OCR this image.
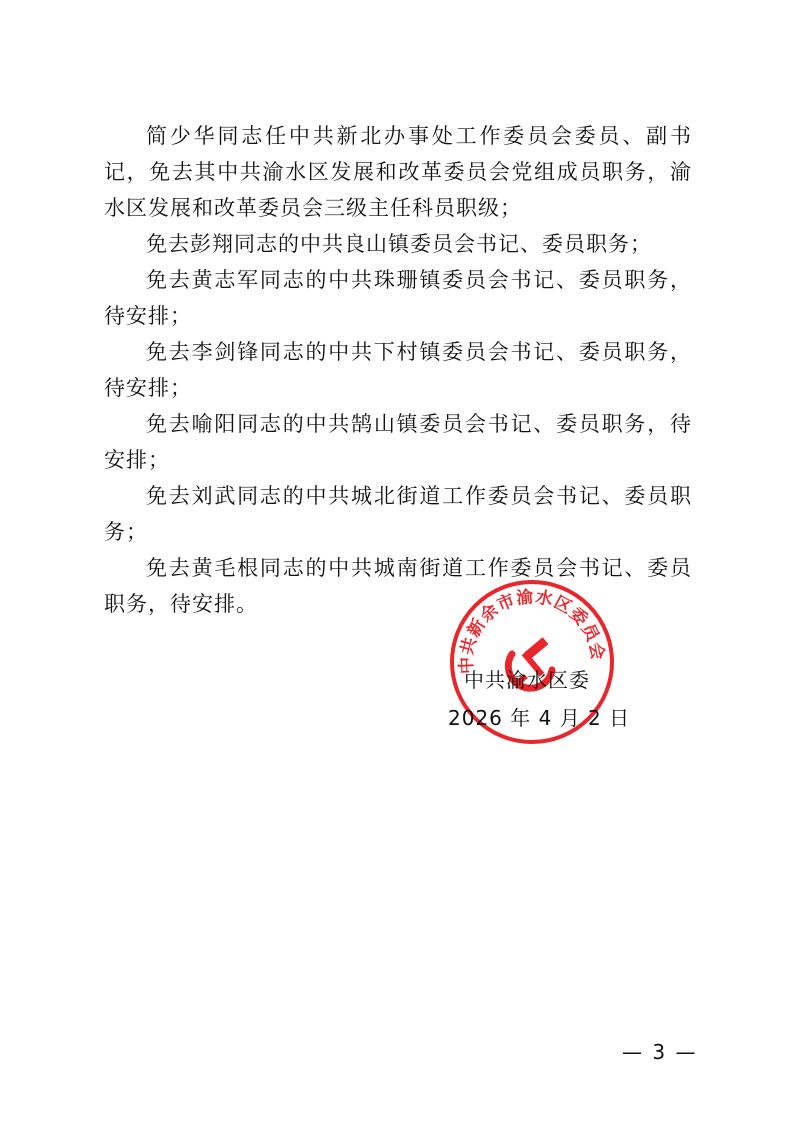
简少华同志任中共新北办事处工作委员会委员、副书记，免去其中共渝水区发展和改革委员会党组成员职务，渝水区发展和改革委员会三级主任科员职级；

免去彭翔同志的中共良山镇委员会书记、委员职务；

免去黄志军同志的中共珠珊镇委员会书记、委员职务，待安排；

免去李剑锋同志的中共下村镇委员会书记、委员职务，待安排；

免去喻阳同志的中共鹄山镇委员会书记、委员职务，待安排；

免去刘武同志的中共城北街道工作委员会书记、委员职务；

免去黄毛根同志的中共城南街道工作委员会书记、委员职务，待安排。

中共新余市渝水区委员会
中共渝水区委
2026 年 4 月 2 日
— 3 —
